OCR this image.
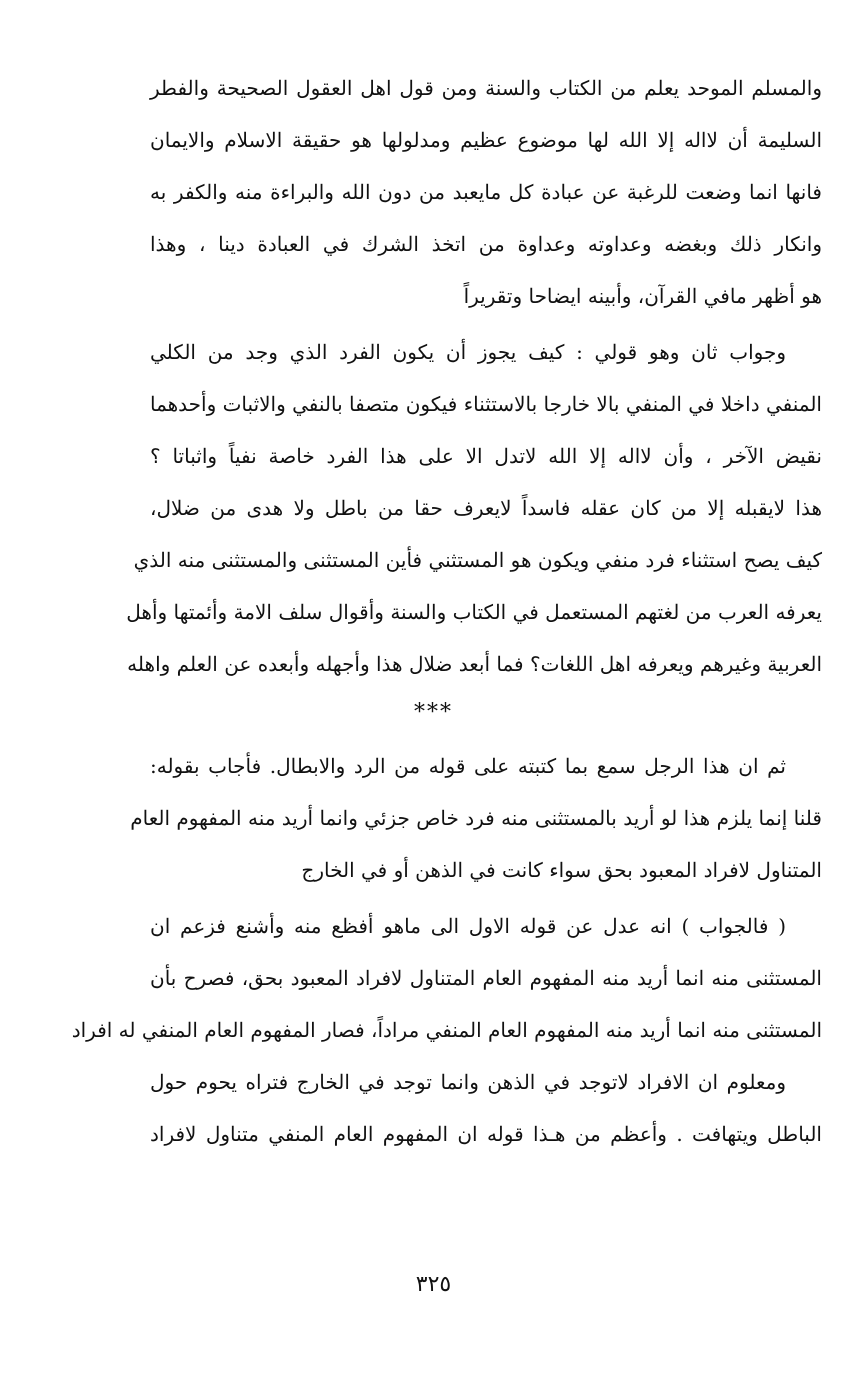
والمسلم الموحد يعلم من الكتاب والسنة ومن قول اهل العقول الصحيحة والفطر
السليمة أن لااله إلا الله لها موضوع عظيم ومدلولها هو حقيقة الاسلام والايمان
فانها انما وضعت للرغبة عن عبادة كل مايعبد من دون الله والبراءة منه والكفر به
وانكار ذلك وبغضه وعداوته وعداوة من اتخذ الشرك في العبادة دينا ، وهذا
هو أظهر مافي القرآن، وأبينه ايضاحا وتقريراً
وجواب ثان وهو قولي : كيف يجوز أن يكون الفرد الذي وجد من الكلي
المنفي داخلا في المنفي بالا خارجا بالاستثناء فيكون متصفا بالنفي والاثبات وأحدهما
نقيض الآخر ، وأن لااله إلا الله لاتدل الا على هذا الفرد خاصة نفياً واثباتا ؟
هذا لايقبله إلا من كان عقله فاسداً لايعرف حقا من باطل ولا هدى من ضلال،
كيف يصح استثناء فرد منفي ويكون هو المستثني فأين المستثنى والمستثنى منه الذي
يعرفه العرب من لغتهم المستعمل في الكتاب والسنة وأقوال سلف الامة وأئمتها وأهل
العربية وغيرهم ويعرفه اهل اللغات؟ فما أبعد ضلال هذا وأجهله وأبعده عن العلم واهله
***
ثم ان هذا الرجل سمع بما كتبته على قوله من الرد والابطال. فأجاب بقوله:
قلنا إنما يلزم هذا لو أريد بالمستثنى منه فرد خاص جزئي وانما أريد منه المفهوم العام
المتناول لافراد المعبود بحق سواء كانت في الذهن أو في الخارج
( فالجواب ) انه عدل عن قوله الاول الى ماهو أفظع منه وأشنع فزعم ان
المستثنى منه انما أريد منه المفهوم العام المتناول لافراد المعبود بحق، فصرح بأن
المستثنى منه انما أريد منه المفهوم العام المنفي مراداً، فصار المفهوم العام المنفي له افراد
ومعلوم ان الافراد لاتوجد في الذهن وانما توجد في الخارج فتراه يحوم حول
الباطل ويتهافت . وأعظم من هـذا قوله ان المفهوم العام المنفي متناول لافراد
٣٢٥
